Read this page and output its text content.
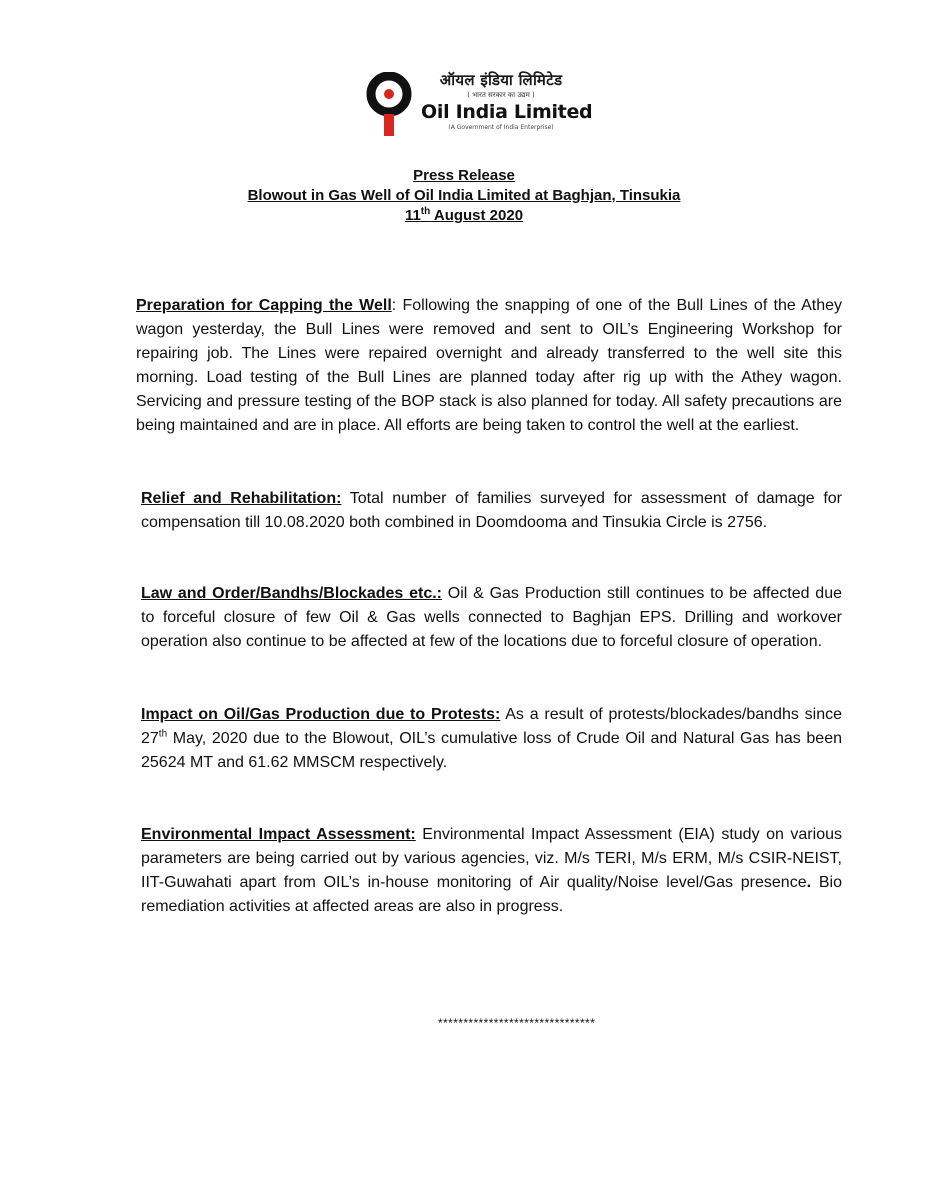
ऑयल इंडिया लिमिटेड
( भारत सरकार का उद्यम )
Oil India Limited
(A Government of India Enterprise)
Press Release
Blowout in Gas Well of Oil India Limited at Baghjan, Tinsukia
11th August 2020
Preparation for Capping the Well: Following the snapping of one of the Bull Lines of the Athey wagon yesterday, the Bull Lines were removed and sent to OIL’s Engineering Workshop for repairing job. The Lines were repaired overnight and already transferred to the well site this morning. Load testing of the Bull Lines are planned today after rig up with the Athey wagon. Servicing and pressure testing of the BOP stack is also planned for today. All safety precautions are being maintained and are in place. All efforts are being taken to control the well at the earliest.
Relief and Rehabilitation: Total number of families surveyed for assessment of damage for compensation till 10.08.2020 both combined in Doomdooma and Tinsukia Circle is 2756.
Law and Order/Bandhs/Blockades etc.: Oil & Gas Production still continues to be affected due to forceful closure of few Oil & Gas wells connected to Baghjan EPS. Drilling and workover operation also continue to be affected at few of the locations due to forceful closure of operation.
Impact on Oil/Gas Production due to Protests: As a result of protests/blockades/bandhs since 27th May, 2020 due to the Blowout, OIL’s cumulative loss of Crude Oil and Natural Gas has been 25624 MT and 61.62 MMSCM respectively.
Environmental Impact Assessment: Environmental Impact Assessment (EIA) study on various parameters are being carried out by various agencies, viz. M/s TERI, M/s ERM, M/s CSIR-NEIST, IIT-Guwahati apart from OIL’s in-house monitoring of Air quality/Noise level/Gas presence. Bio remediation activities at affected areas are also in progress.
*******************************
